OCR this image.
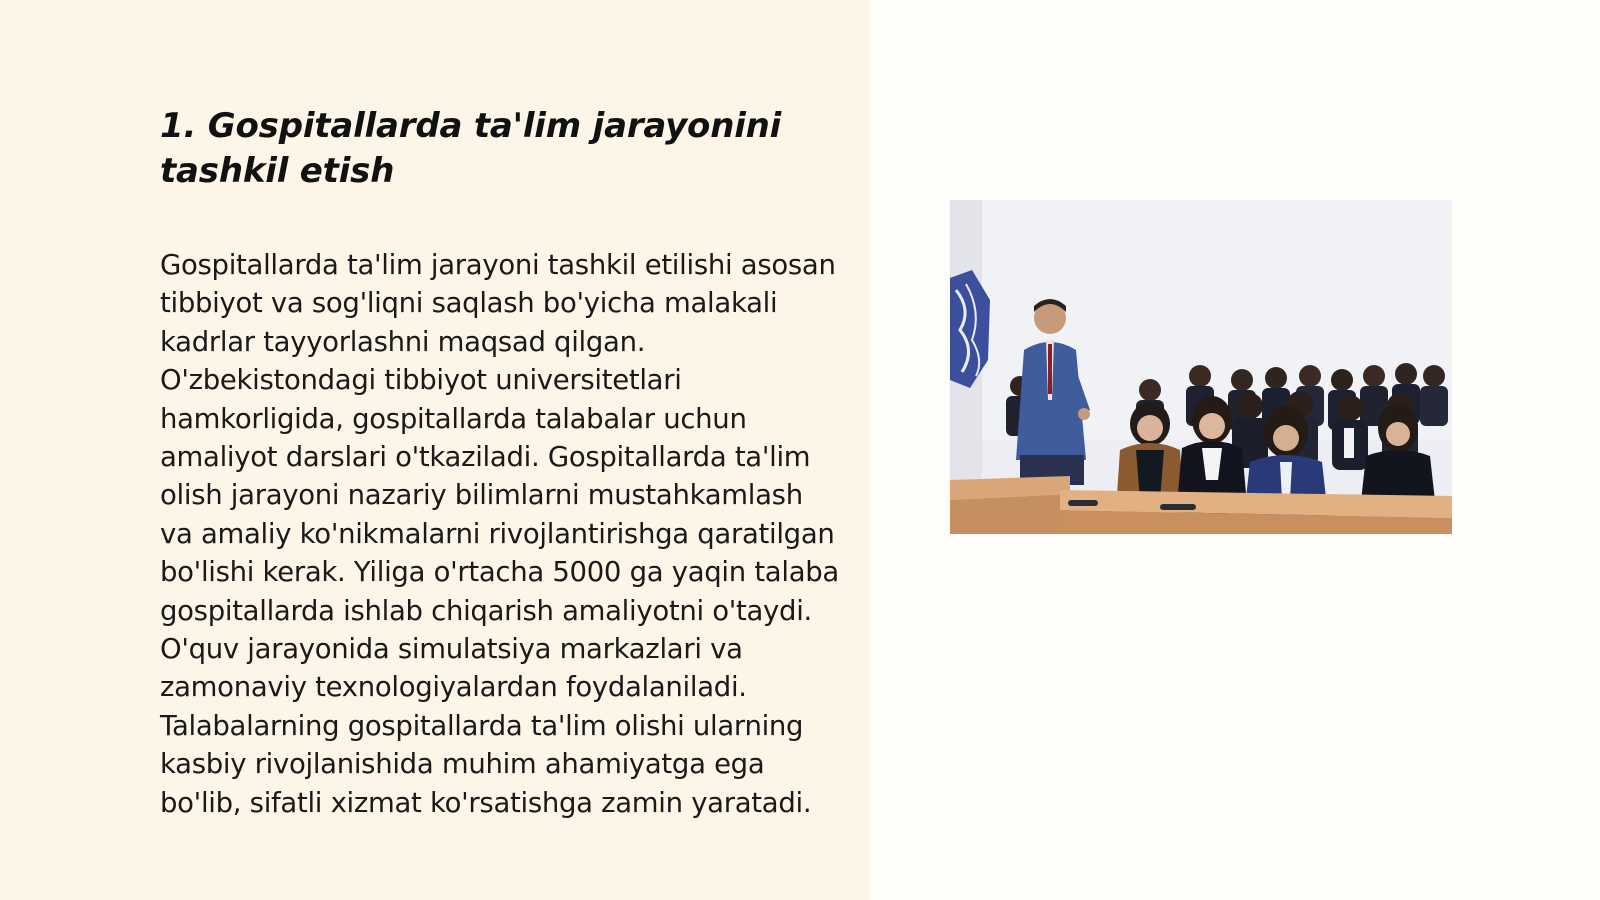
1. Gospitallarda ta'lim jarayonini tashkil etish

Gospitallarda ta'lim jarayoni tashkil etilishi asosan tibbiyot va sog'liqni saqlash bo'yicha malakali kadrlar tayyorlashni maqsad qilgan. O'zbekistondagi tibbiyot universitetlari hamkorligida, gospitallarda talabalar uchun amaliyot darslari o'tkaziladi. Gospitallarda ta'lim olish jarayoni nazariy bilimlarni mustahkamlash va amaliy ko'nikmalarni rivojlantirishga qaratilgan bo'lishi kerak. Yiliga o'rtacha 5000 ga yaqin talaba gospitallarda ishlab chiqarish amaliyotni o'taydi. O'quv jarayonida simulatsiya markazlari va zamonaviy texnologiyalardan foydalaniladi. Talabalarning gospitallarda ta'lim olishi ularning kasbiy rivojlanishida muhim ahamiyatga ega bo'lib, sifatli xizmat ko'rsatishga zamin yaratadi.
